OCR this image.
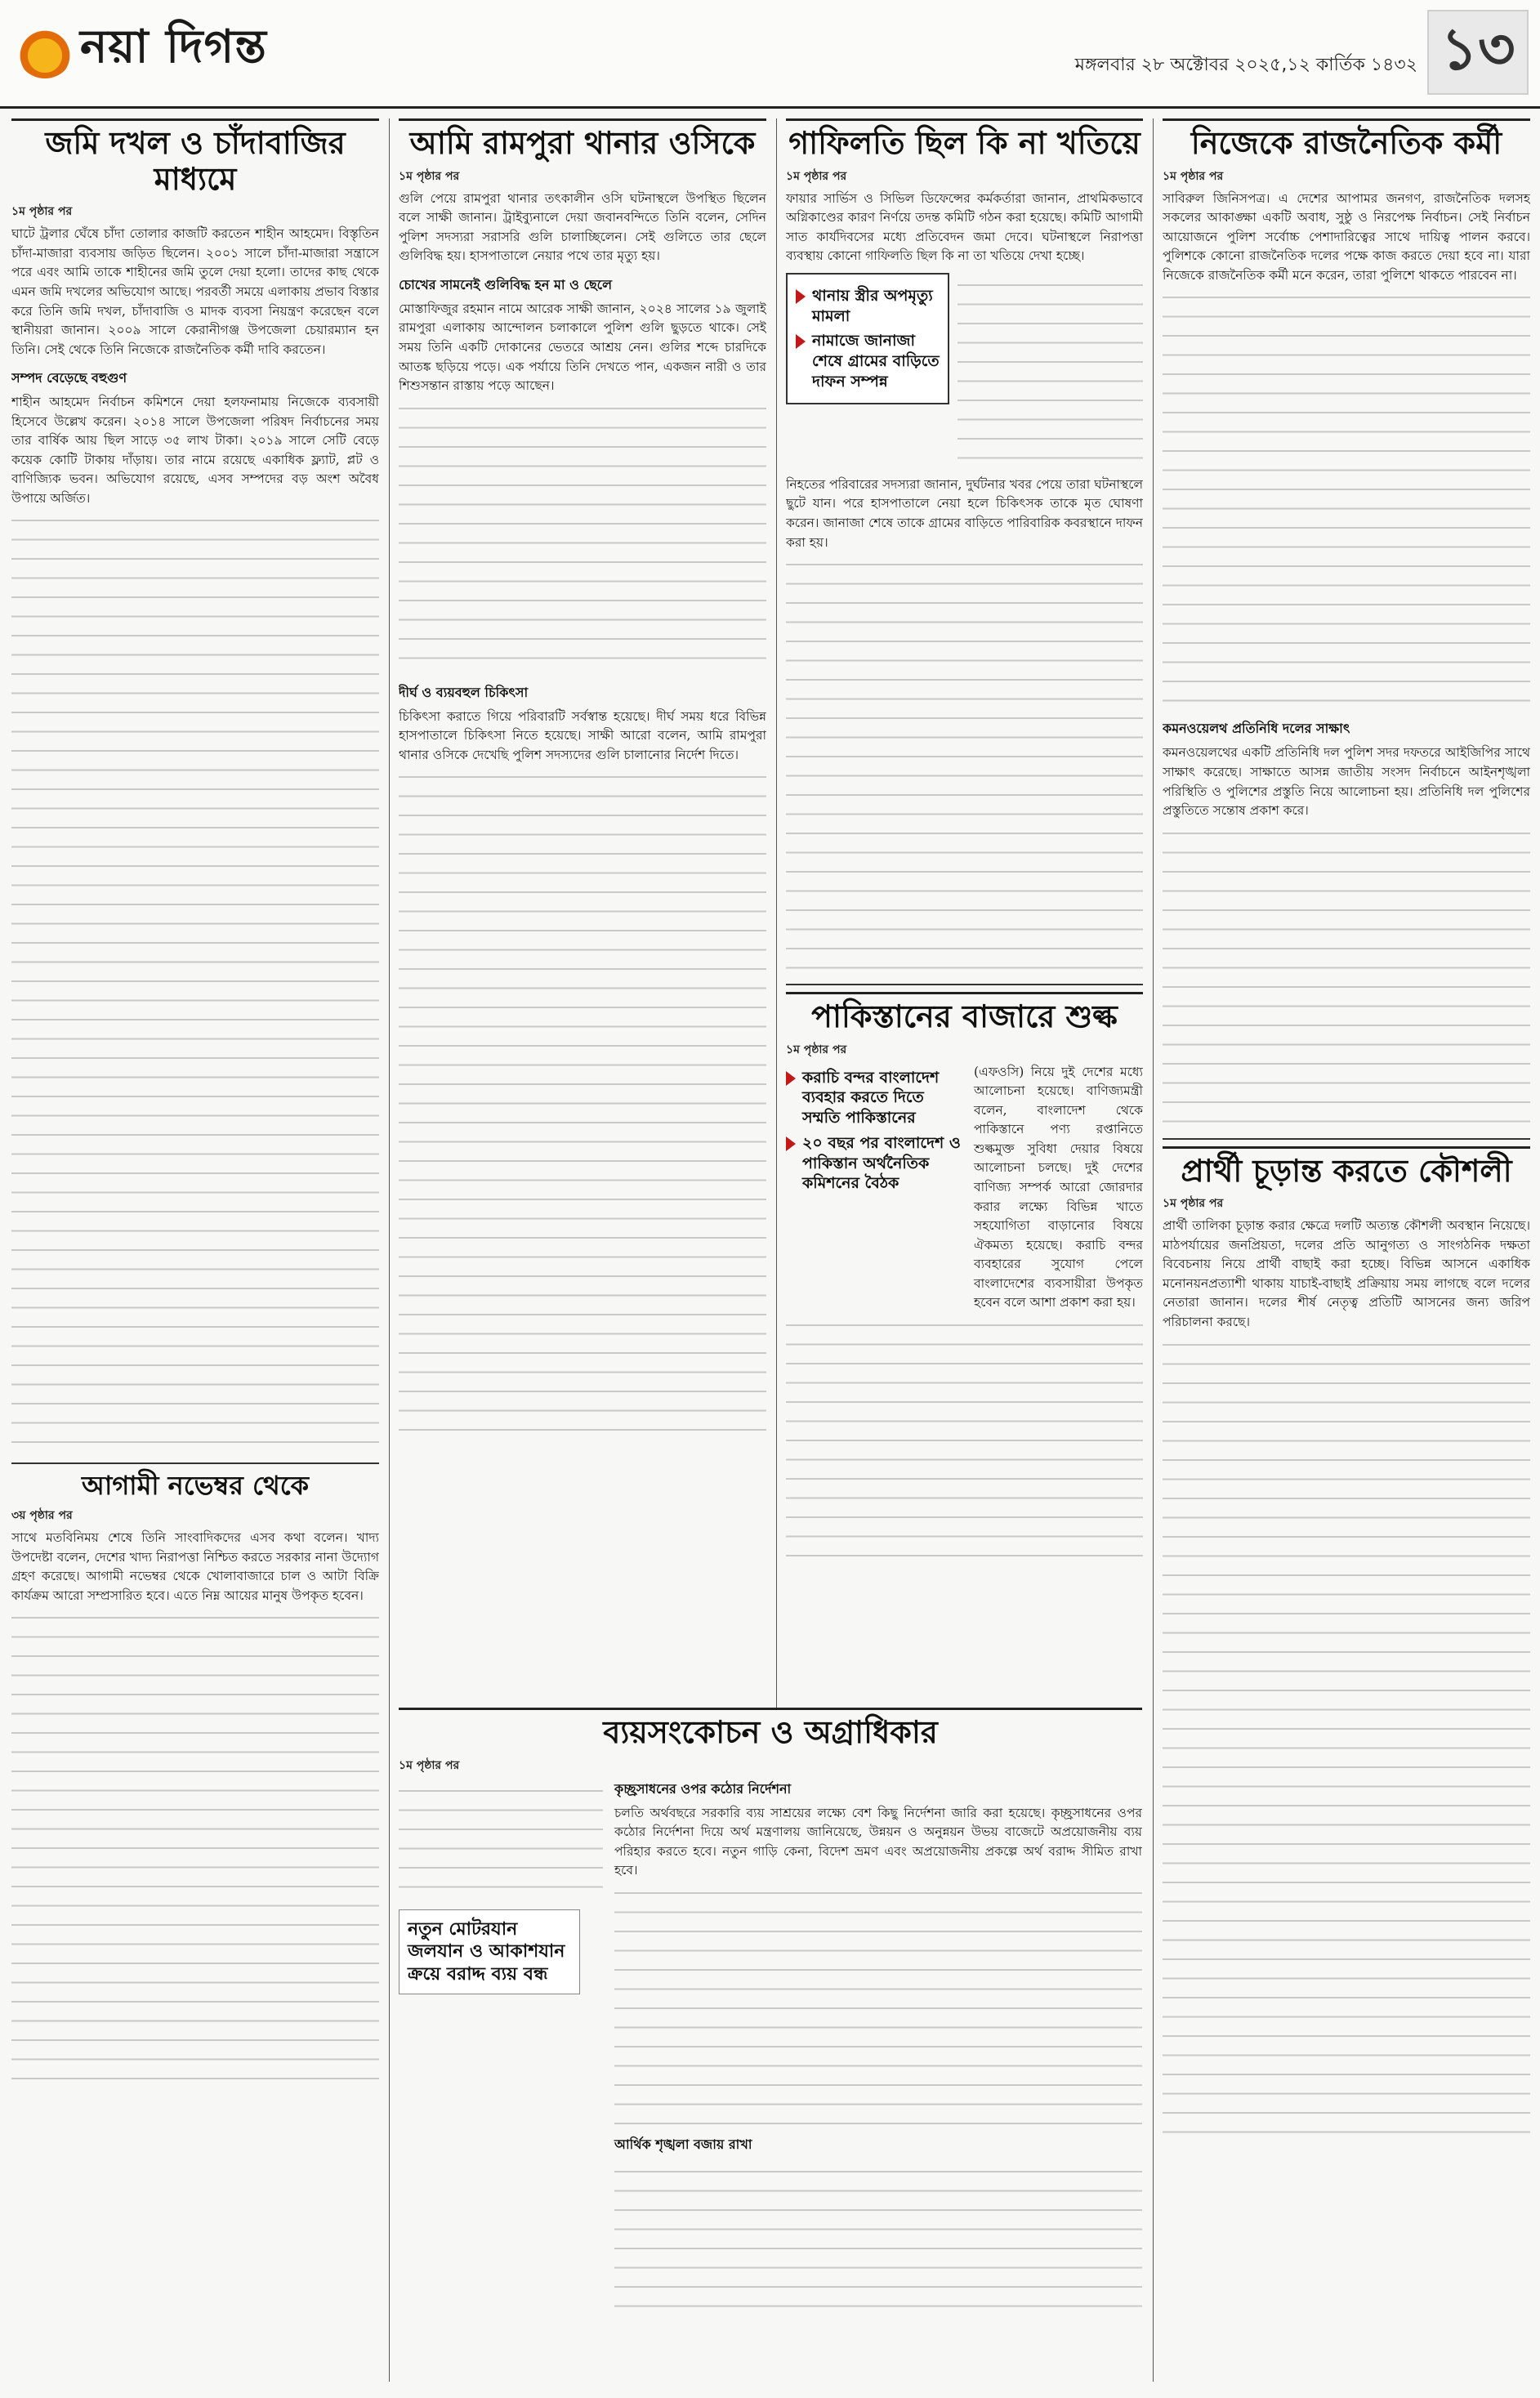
নয়া দিগন্ত	মঙ্গলবার ২৮ অক্টোবর ২০২৫,১২ কার্তিক ১৪৩২ ১৩
জমি দখল ও চাঁদাবাজির মাধ্যমে
১ম পৃষ্ঠার পর
ঘাটে ট্রলার ঘেঁষে চাঁদা তোলার কাজটি করতেন শাহীন আহমেদ। বিস্তৃতিন চাঁদা-মাজারা ব্যবসায় জড়িত ছিলেন। ২০০১ সালে চাঁদা-মাজারা সন্ত্রাসে পরে এবং আমি তাকে শাহীনের জমি তুলে দেয়া হলো। তাদের কাছ থেকে এমন জমি দখলের অভিযোগ আছে। পরবর্তী সময়ে এলাকায় প্রভাব বিস্তার করে তিনি জমি দখল, চাঁদাবাজি ও মাদক ব্যবসা নিয়ন্ত্রণ করেছেন বলে স্থানীয়রা জানান। ২০০৯ সালে কেরানীগঞ্জ উপজেলা চেয়ারম্যান হন তিনি। সেই থেকে তিনি নিজেকে রাজনৈতিক কর্মী দাবি করতেন।
সম্পদ বেড়েছে বহুগুণ
শাহীন আহমেদ নির্বাচন কমিশনে দেয়া হলফনামায় নিজেকে ব্যবসায়ী হিসেবে উল্লেখ করেন। ২০১৪ সালে উপজেলা পরিষদ নির্বাচনের সময় তার বার্ষিক আয় ছিল সাড়ে ৩৫ লাখ টাকা। ২০১৯ সালে সেটি বেড়ে কয়েক কোটি টাকায় দাঁড়ায়। তার নামে রয়েছে একাধিক ফ্ল্যাট, প্লট ও বাণিজ্যিক ভবন। অভিযোগ রয়েছে, এসব সম্পদের বড় অংশ অবৈধ উপায়ে অর্জিত।
আগামী নভেম্বর থেকে
৩য় পৃষ্ঠার পর
সাথে মতবিনিময় শেষে তিনি সাংবাদিকদের এসব কথা বলেন। খাদ্য উপদেষ্টা বলেন, দেশের খাদ্য নিরাপত্তা নিশ্চিত করতে সরকার নানা উদ্যোগ গ্রহণ করেছে। আগামী নভেম্বর থেকে খোলাবাজারে চাল ও আটা বিক্রি কার্যক্রম আরো সম্প্রসারিত হবে। এতে নিম্ন আয়ের মানুষ উপকৃত হবেন।
আমি রামপুরা থানার ওসিকে
১ম পৃষ্ঠার পর
গুলি পেয়ে রামপুরা থানার তৎকালীন ওসি ঘটনাস্থলে উপস্থিত ছিলেন বলে সাক্ষী জানান। ট্রাইব্যুনালে দেয়া জবানবন্দিতে তিনি বলেন, সেদিন পুলিশ সদস্যরা সরাসরি গুলি চালাচ্ছিলেন। সেই গুলিতে তার ছেলে গুলিবিদ্ধ হয়। হাসপাতালে নেয়ার পথে তার মৃত্যু হয়।
চোখের সামনেই গুলিবিদ্ধ হন মা ও ছেলে
মোস্তাফিজুর রহমান নামে আরেক সাক্ষী জানান, ২০২৪ সালের ১৯ জুলাই রামপুরা এলাকায় আন্দোলন চলাকালে পুলিশ গুলি ছুড়তে থাকে। সেই সময় তিনি একটি দোকানের ভেতরে আশ্রয় নেন। গুলির শব্দে চারদিকে আতঙ্ক ছড়িয়ে পড়ে। এক পর্যায়ে তিনি দেখতে পান, একজন নারী ও তার শিশুসন্তান রাস্তায় পড়ে আছেন।
দীর্ঘ ও ব্যয়বহুল চিকিৎসা
চিকিৎসা করাতে গিয়ে পরিবারটি সর্বস্বান্ত হয়েছে। দীর্ঘ সময় ধরে বিভিন্ন হাসপাতালে চিকিৎসা নিতে হয়েছে। সাক্ষী আরো বলেন, আমি রামপুরা থানার ওসিকে দেখেছি পুলিশ সদস্যদের গুলি চালানোর নির্দেশ দিতে।
ব্যয়সংকোচন ও অগ্রাধিকার
১ম পৃষ্ঠার পর
নতুন মোটরযান জলযান ও আকাশযান ক্রয়ে বরাদ্দ ব্যয় বন্ধ
কৃচ্ছ্রসাধনের ওপর কঠোর নির্দেশনা
চলতি অর্থবছরে সরকারি ব্যয় সাশ্রয়ের লক্ষ্যে বেশ কিছু নির্দেশনা জারি করা হয়েছে। কৃচ্ছ্রসাধনের ওপর কঠোর নির্দেশনা দিয়ে অর্থ মন্ত্রণালয় জানিয়েছে, উন্নয়ন ও অনুন্নয়ন উভয় বাজেটে অপ্রয়োজনীয় ব্যয় পরিহার করতে হবে। নতুন গাড়ি কেনা, বিদেশ ভ্রমণ এবং অপ্রয়োজনীয় প্রকল্পে অর্থ বরাদ্দ সীমিত রাখা হবে।
আর্থিক শৃঙ্খলা বজায় রাখা
গাফিলতি ছিল কি না খতিয়ে
১ম পৃষ্ঠার পর
ফায়ার সার্ভিস ও সিভিল ডিফেন্সের কর্মকর্তারা জানান, প্রাথমিকভাবে অগ্নিকাণ্ডের কারণ নির্ণয়ে তদন্ত কমিটি গঠন করা হয়েছে। কমিটি আগামী সাত কার্যদিবসের মধ্যে প্রতিবেদন জমা দেবে। ঘটনাস্থলে নিরাপত্তা ব্যবস্থায় কোনো গাফিলতি ছিল কি না তা খতিয়ে দেখা হচ্ছে।
থানায় স্ত্রীর অপমৃত্যু মামলা
নামাজে জানাজা শেষে গ্রামের বাড়িতে দাফন সম্পন্ন
নিহতের পরিবারের সদস্যরা জানান, দুর্ঘটনার খবর পেয়ে তারা ঘটনাস্থলে ছুটে যান। পরে হাসপাতালে নেয়া হলে চিকিৎসক তাকে মৃত ঘোষণা করেন। জানাজা শেষে তাকে গ্রামের বাড়িতে পারিবারিক কবরস্থানে দাফন করা হয়।
পাকিস্তানের বাজারে শুল্ক
১ম পৃষ্ঠার পর
করাচি বন্দর বাংলাদেশ ব্যবহার করতে দিতে সম্মতি পাকিস্তানের
২০ বছর পর বাংলাদেশ ও পাকিস্তান অর্থনৈতিক কমিশনের বৈঠক
(এফওসি) নিয়ে দুই দেশের মধ্যে আলোচনা হয়েছে। বাণিজ্যমন্ত্রী বলেন, বাংলাদেশ থেকে পাকিস্তানে পণ্য রপ্তানিতে শুল্কমুক্ত সুবিধা দেয়ার বিষয়ে আলোচনা চলছে। দুই দেশের বাণিজ্য সম্পর্ক আরো জোরদার করার লক্ষ্যে বিভিন্ন খাতে সহযোগিতা বাড়ানোর বিষয়ে ঐকমত্য হয়েছে। করাচি বন্দর ব্যবহারের সুযোগ পেলে বাংলাদেশের ব্যবসায়ীরা উপকৃত হবেন বলে আশা প্রকাশ করা হয়।
নিজেকে রাজনৈতিক কর্মী
১ম পৃষ্ঠার পর
সাবিরুল জিনিসপত্র। এ দেশের আপামর জনগণ, রাজনৈতিক দলসহ সকলের আকাঙ্ক্ষা একটি অবাধ, সুষ্ঠু ও নিরপেক্ষ নির্বাচন। সেই নির্বাচন আয়োজনে পুলিশ সর্বোচ্চ পেশাদারিত্বের সাথে দায়িত্ব পালন করবে। পুলিশকে কোনো রাজনৈতিক দলের পক্ষে কাজ করতে দেয়া হবে না। যারা নিজেকে রাজনৈতিক কর্মী মনে করেন, তারা পুলিশে থাকতে পারবেন না।
কমনওয়েলথ প্রতিনিধি দলের সাক্ষাৎ
কমনওয়েলথের একটি প্রতিনিধি দল পুলিশ সদর দফতরে আইজিপির সাথে সাক্ষাৎ করেছে। সাক্ষাতে আসন্ন জাতীয় সংসদ নির্বাচনে আইনশৃঙ্খলা পরিস্থিতি ও পুলিশের প্রস্তুতি নিয়ে আলোচনা হয়। প্রতিনিধি দল পুলিশের প্রস্তুতিতে সন্তোষ প্রকাশ করে।
প্রার্থী চূড়ান্ত করতে কৌশলী
১ম পৃষ্ঠার পর
প্রার্থী তালিকা চূড়ান্ত করার ক্ষেত্রে দলটি অত্যন্ত কৌশলী অবস্থান নিয়েছে। মাঠপর্যায়ের জনপ্রিয়তা, দলের প্রতি আনুগত্য ও সাংগঠনিক দক্ষতা বিবেচনায় নিয়ে প্রার্থী বাছাই করা হচ্ছে। বিভিন্ন আসনে একাধিক মনোনয়নপ্রত্যাশী থাকায় যাচাই-বাছাই প্রক্রিয়ায় সময় লাগছে বলে দলের নেতারা জানান। দলের শীর্ষ নেতৃত্ব প্রতিটি আসনের জন্য জরিপ পরিচালনা করছে।
